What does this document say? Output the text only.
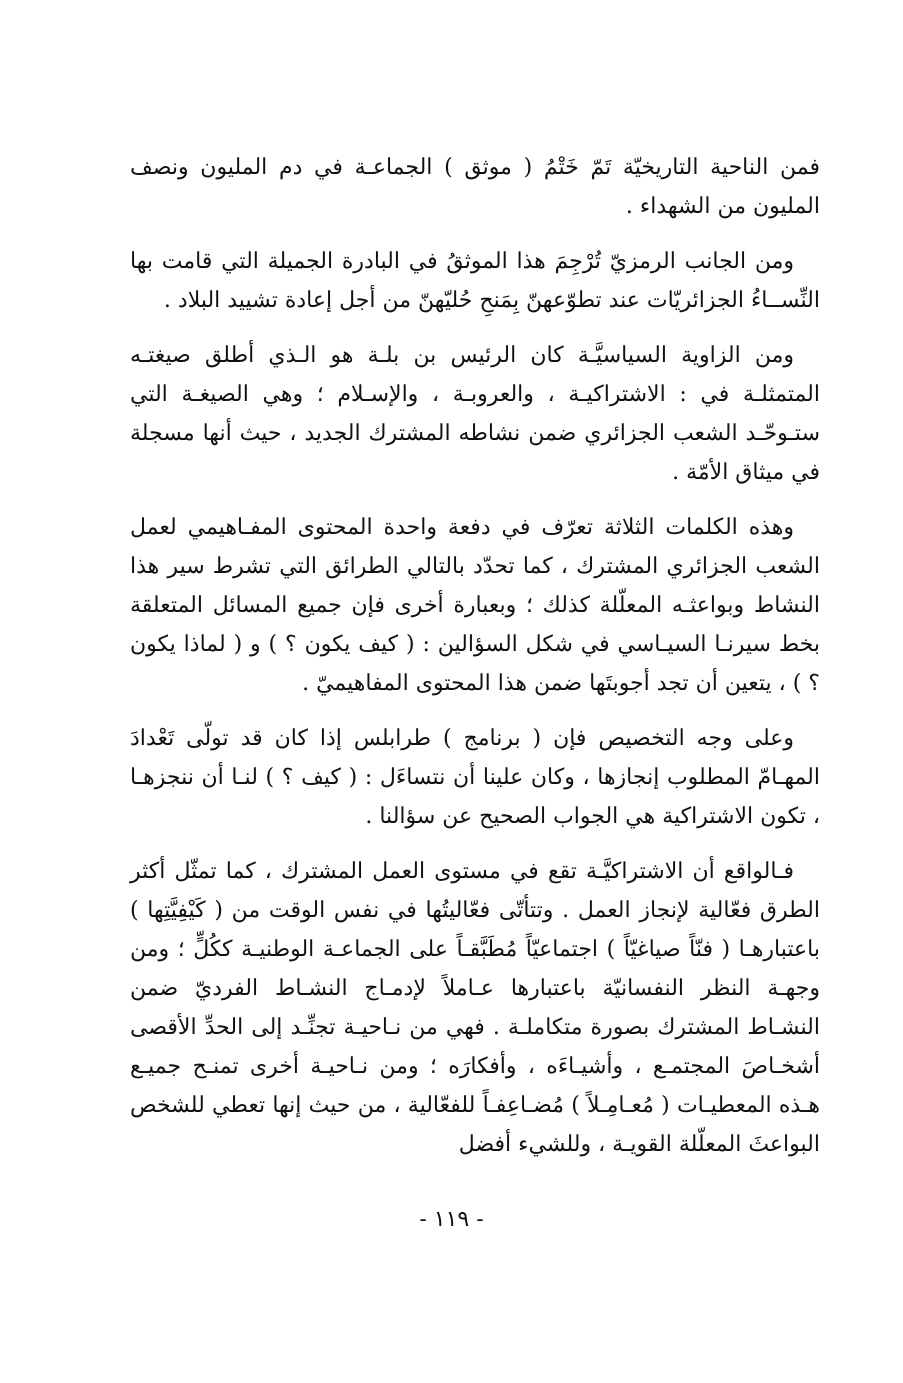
فمن الناحية التاريخيّة تَمّ خَتْمُ ( موثق ) الجماعـة في دم المليون ونصف المليون من الشهداء .

ومن الجانب الرمزيّ تُرْجِمَ هذا الموثقُ في البادرة الجميلة التي قامت بها النِّســاءُ الجزائريّات عند تطوّعهنّ بِمَنحِ حُليّهنّ من أجل إعادة تشييد البلاد .

ومن الزاوية السياسيَّـة كان الرئيس بن بلـة هو الـذي أطلق صيغتـه المتمثلـة في : الاشتراكيـة ، والعروبـة ، والإسـلام ؛ وهي الصيغـة التي ستـوحّـد الشعب الجزائري ضمن نشاطه المشترك الجديد ، حيث أنها مسجلة في ميثاق الأمّة .

وهذه الكلمات الثلاثة تعرّف في دفعة واحدة المحتوى المفـاهيمي لعمل الشعب الجزائري المشترك ، كما تحدّد بالتالي الطرائق التي تشرط سير هذا النشاط وبواعثـه المعلّلة كذلك ؛ وبعبارة أخرى فإن جميع المسائل المتعلقة بخط سيرنـا السيـاسي في شكل السؤالين : ( كيف يكون ؟ ) و ( لماذا يكون ؟ ) ، يتعين أن تجد أجوبتَها ضمن هذا المحتوى المفاهيميّ .

وعلى وجه التخصيص فإن ( برنامج ) طرابلس إذا كان قد تولّى تَعْدادَ المهـامّ المطلوب إنجازها ، وكان علينا أن نتساءَل : ( كيف ؟ ) لنـا أن ننجزهـا ، تكون الاشتراكية هي الجواب الصحيح عن سؤالنا .

فـالواقع أن الاشتراكيَّـة تقع في مستوى العمل المشترك ، كما تمثّل أكثر الطرق فعّالية لإنجاز العمل . وتتأتّى فعّاليتُها في نفس الوقت من ( كَيْفِيَّتِها ) باعتبارهـا ( فنّاً صياغيّاً ) اجتماعيّاً مُطَبَّقـاً على الجماعـة الوطنيـة ككُلٍّ ؛ ومن وجهـة النظر النفسانيّة باعتبارها عـاملاً لإدمـاج النشـاط الفرديّ ضمن النشـاط المشترك بصورة متكاملـة . فهي من نـاحيـة تجنِّـد إلى الحدِّ الأقصى أشخـاصَ المجتمـع ، وأشيـاءَه ، وأفكارَه ؛ ومن نـاحيـة أخرى تمنـح جميـع هـذه المعطيـات ( مُعـامِـلاً ) مُضـاعِفـاً للفعّالية ، من حيث إنها تعطي للشخص البواعثَ المعلّلة القويـة ، وللشيء أفضل

- ١١٩ -
